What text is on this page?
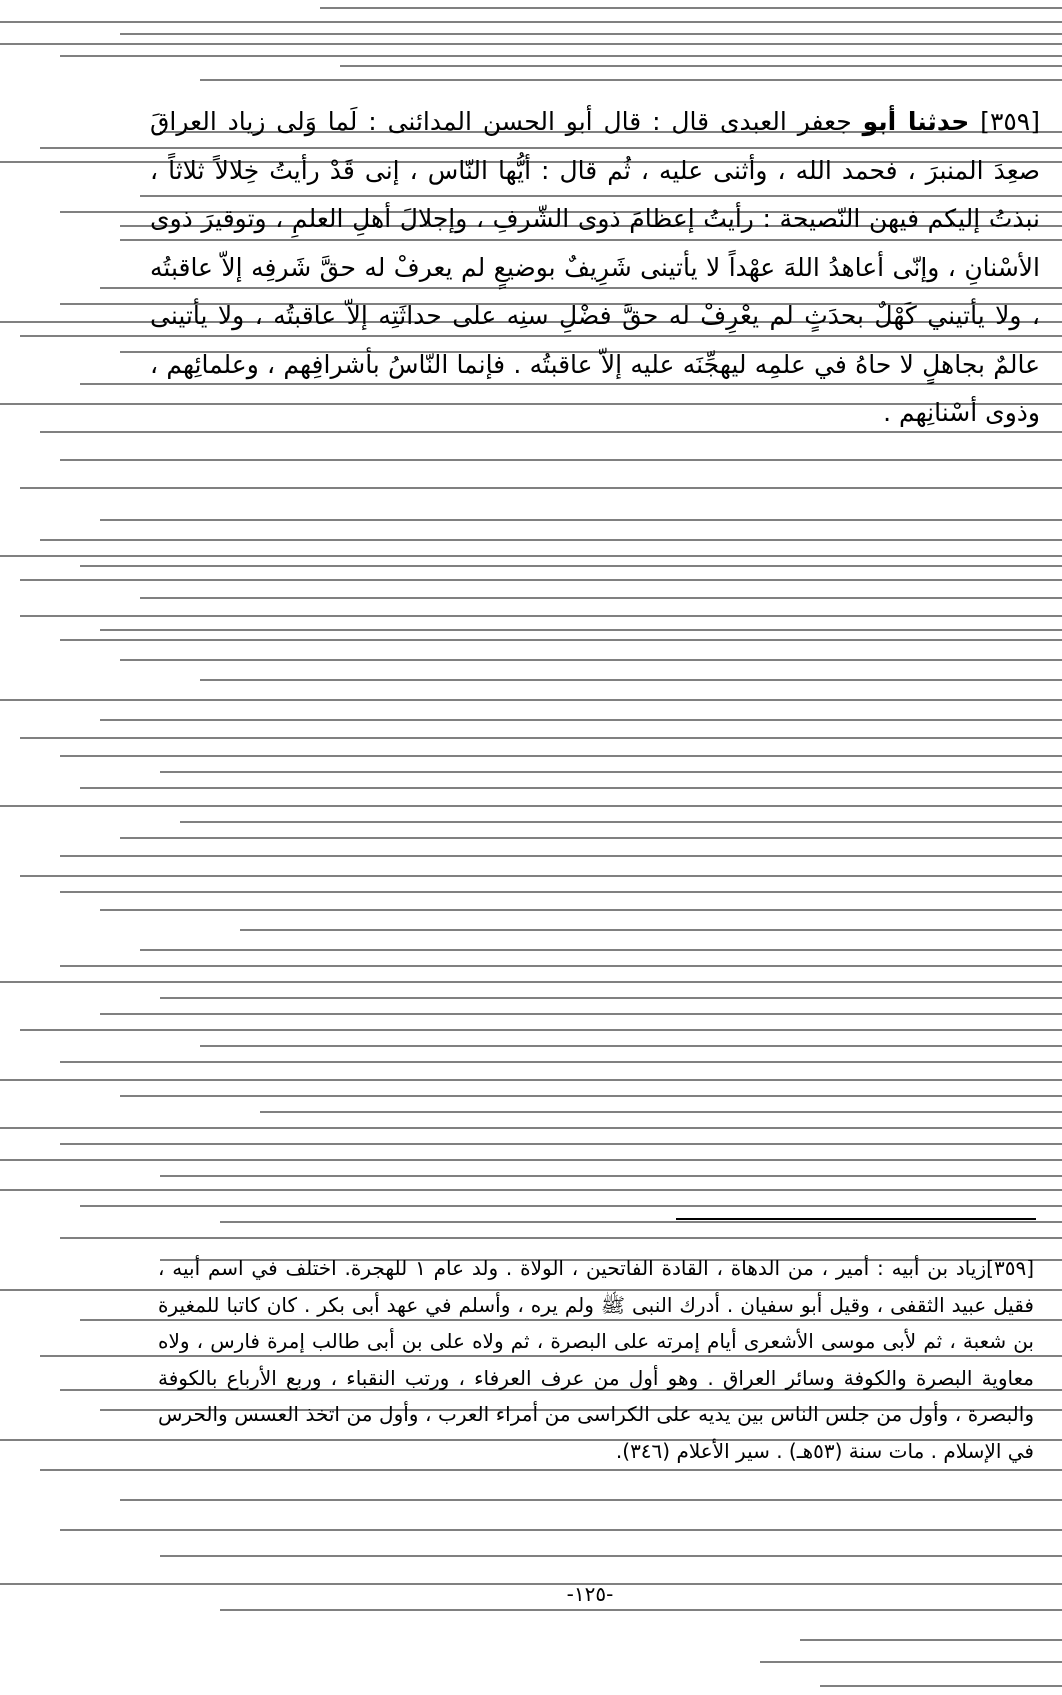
[٣٥٩] حدثنا أبو جعفر العبدى قال : قال أبو الحسن المدائنى : لَما وَلى زياد العراقَ صعِدَ المنبرَ ، فحمد الله ، وأثنى عليه ، ثُم قال : أيُّها النّاس ، إنى قَدْ رأيتُ خِلالاً ثلاثاً ، نبذتُ إليكم فيهن النّصيحة : رأيتُ إعظامَ ذوى الشّرفِ ، وإجلالَ أهلِ العلمِ ، وتوقيرَ ذوى الأسْنانِ ، وإنّى أعاهدُ اللهَ عهْداً لا يأتينى شَرِيفٌ بوضيعٍ لم يعرفْ له حقَّ شَرفِه إلاّ عاقبتُه ، ولا يأتيني كَهْلٌ بحدَثٍ لم يعْرِفْ له حقَّ فضْلِ سنِه على حداثَتِه إلاّ عاقبتُه ، ولا يأتينى عالمٌ بجاهلٍ لا حاهُ في علمِه ليهجِّنَه عليه إلاّ عاقبتُه . فإنما النّاسُ بأشرافِهم ، وعلمائِهم ، وذوى أسْنانِهم .

[٣٥٩]زياد بن أبيه : أمير ، من الدهاة ، القادة الفاتحين ، الولاة . ولد عام ١ للهجرة. اختلف في اسم أبيه ، فقيل عبيد الثقفى ، وقيل أبو سفيان . أدرك النبى ﷺ ولم يره ، وأسلم في عهد أبى بكر . كان كاتبا للمغيرة بن شعبة ، ثم لأبى موسى الأشعرى أيام إمرته على البصرة ، ثم ولاه على بن أبى طالب إمرة فارس ، ولاه معاوية البصرة والكوفة وسائر العراق . وهو أول من عرف العرفاء ، ورتب النقباء ، وربع الأرباع بالكوفة والبصرة ، وأول من جلس الناس بين يديه على الكراسى من أمراء العرب ، وأول من اتخذ العسس والحرس في الإسلام . مات سنة (٥٣هـ) . سير الأعلام (٣٤٦).

-١٢٥-
